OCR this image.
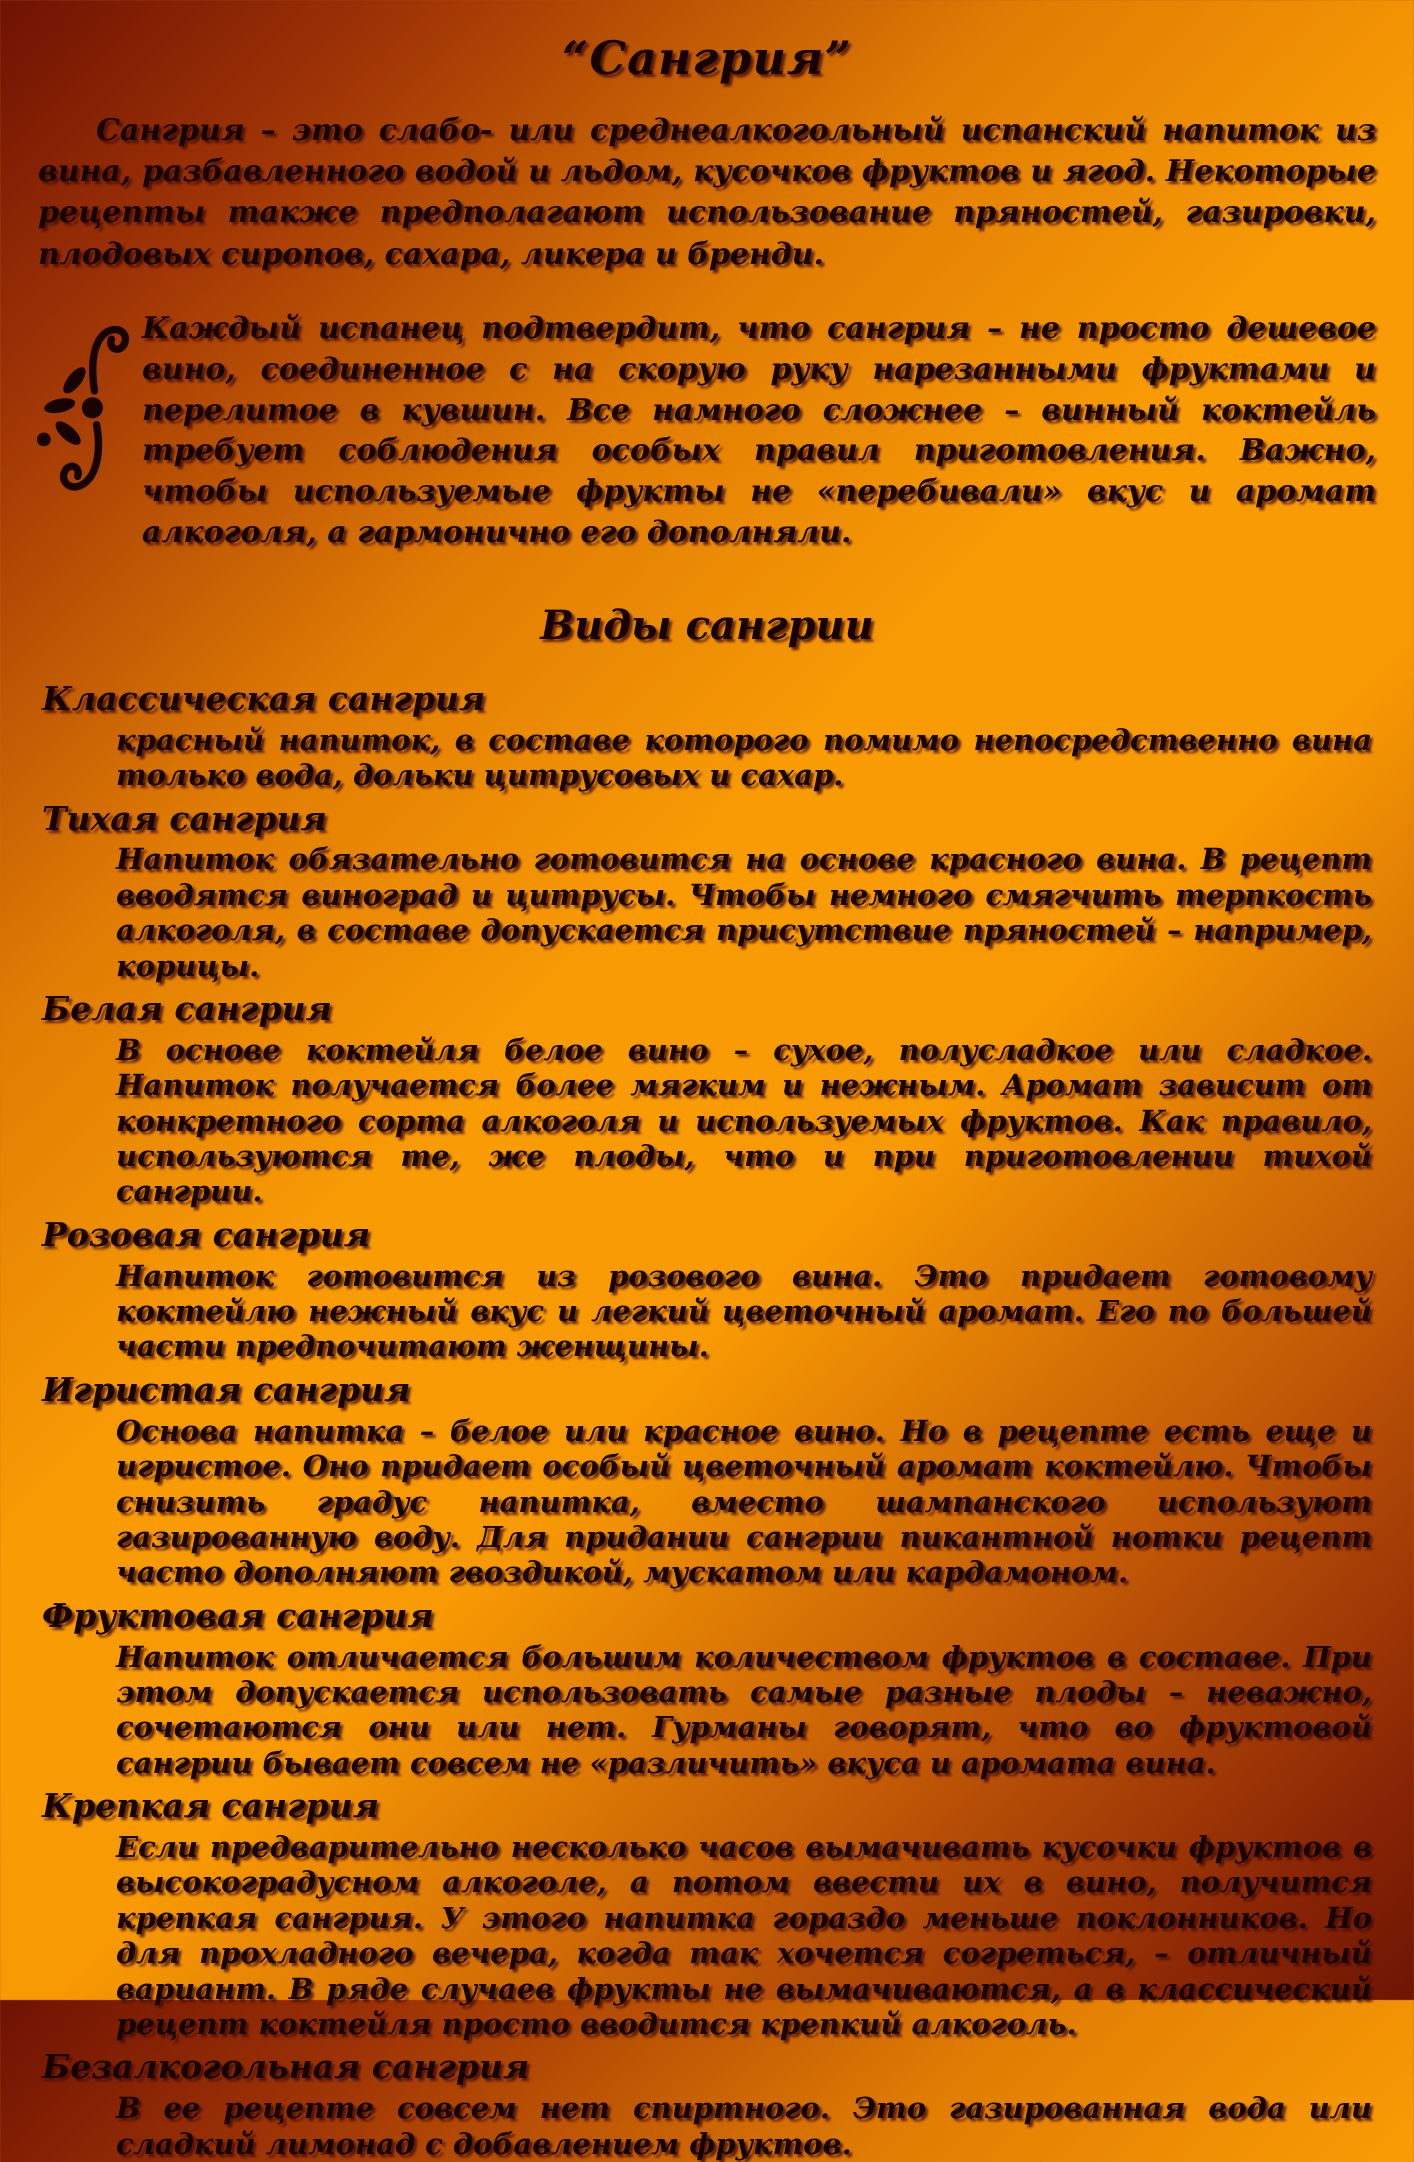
“Сангрия”
Сангрия – это слабо- или среднеалкогольный испанский напиток из вина, разбавленного водой и льдом, кусочков фруктов и ягод. Некоторые рецепты также предполагают использование пряностей, газировки, плодовых сиропов, сахара, ликера и бренди.
Каждый испанец подтвердит, что сангрия – не просто дешевое вино, соединенное с на скорую руку нарезанными фруктами и перелитое в кувшин. Все намного сложнее – винный коктейль требует соблюдения особых правил приготовления. Важно, чтобы используемые фрукты не «перебивали» вкус и аромат алкоголя, а гармонично его дополняли.
Виды сангрии
Классическая сангрия
красный напиток, в составе которого помимо непосредственно вина только вода, дольки цитрусовых и сахар.
Тихая сангрия
Напиток обязательно готовится на основе красного вина. В рецепт вводятся виноград и цитрусы. Чтобы немного смягчить терпкость алкоголя, в составе допускается присутствие пряностей – например, корицы.
Белая сангрия
В основе коктейля белое вино – сухое, полусладкое или сладкое. Напиток получается более мягким и нежным. Аромат зависит от конкретного сорта алкоголя и используемых фруктов. Как правило, используются те, же плоды, что и при приготовлении тихой сангрии.
Розовая сангрия
Напиток готовится из розового вина. Это придает готовому коктейлю нежный вкус и легкий цветочный аромат. Его по большей части предпочитают женщины.
Игристая сангрия
Основа напитка – белое или красное вино. Но в рецепте есть еще и игристое. Оно придает особый цветочный аромат коктейлю. Чтобы снизить градус напитка, вместо шампанского используют газированную воду. Для придании сангрии пикантной нотки рецепт часто дополняют гвоздикой, мускатом или кардамоном.
Фруктовая сангрия
Напиток отличается большим количеством фруктов в составе. При этом допускается использовать самые разные плоды – неважно, сочетаются они или нет. Гурманы говорят, что во фруктовой сангрии бывает совсем не «различить» вкуса и аромата вина.
Крепкая сангрия
Если предварительно несколько часов вымачивать кусочки фруктов в высокоградусном алкоголе, а потом ввести их в вино, получится крепкая сангрия. У этого напитка гораздо меньше поклонников. Но для прохладного вечера, когда так хочется согреться, – отличный вариант. В ряде случаев фрукты не вымачиваются, а в классический рецепт коктейля просто вводится крепкий алкоголь.
Безалкогольная сангрия
В ее рецепте совсем нет спиртного. Это газированная вода или сладкий лимонад с добавлением фруктов.
